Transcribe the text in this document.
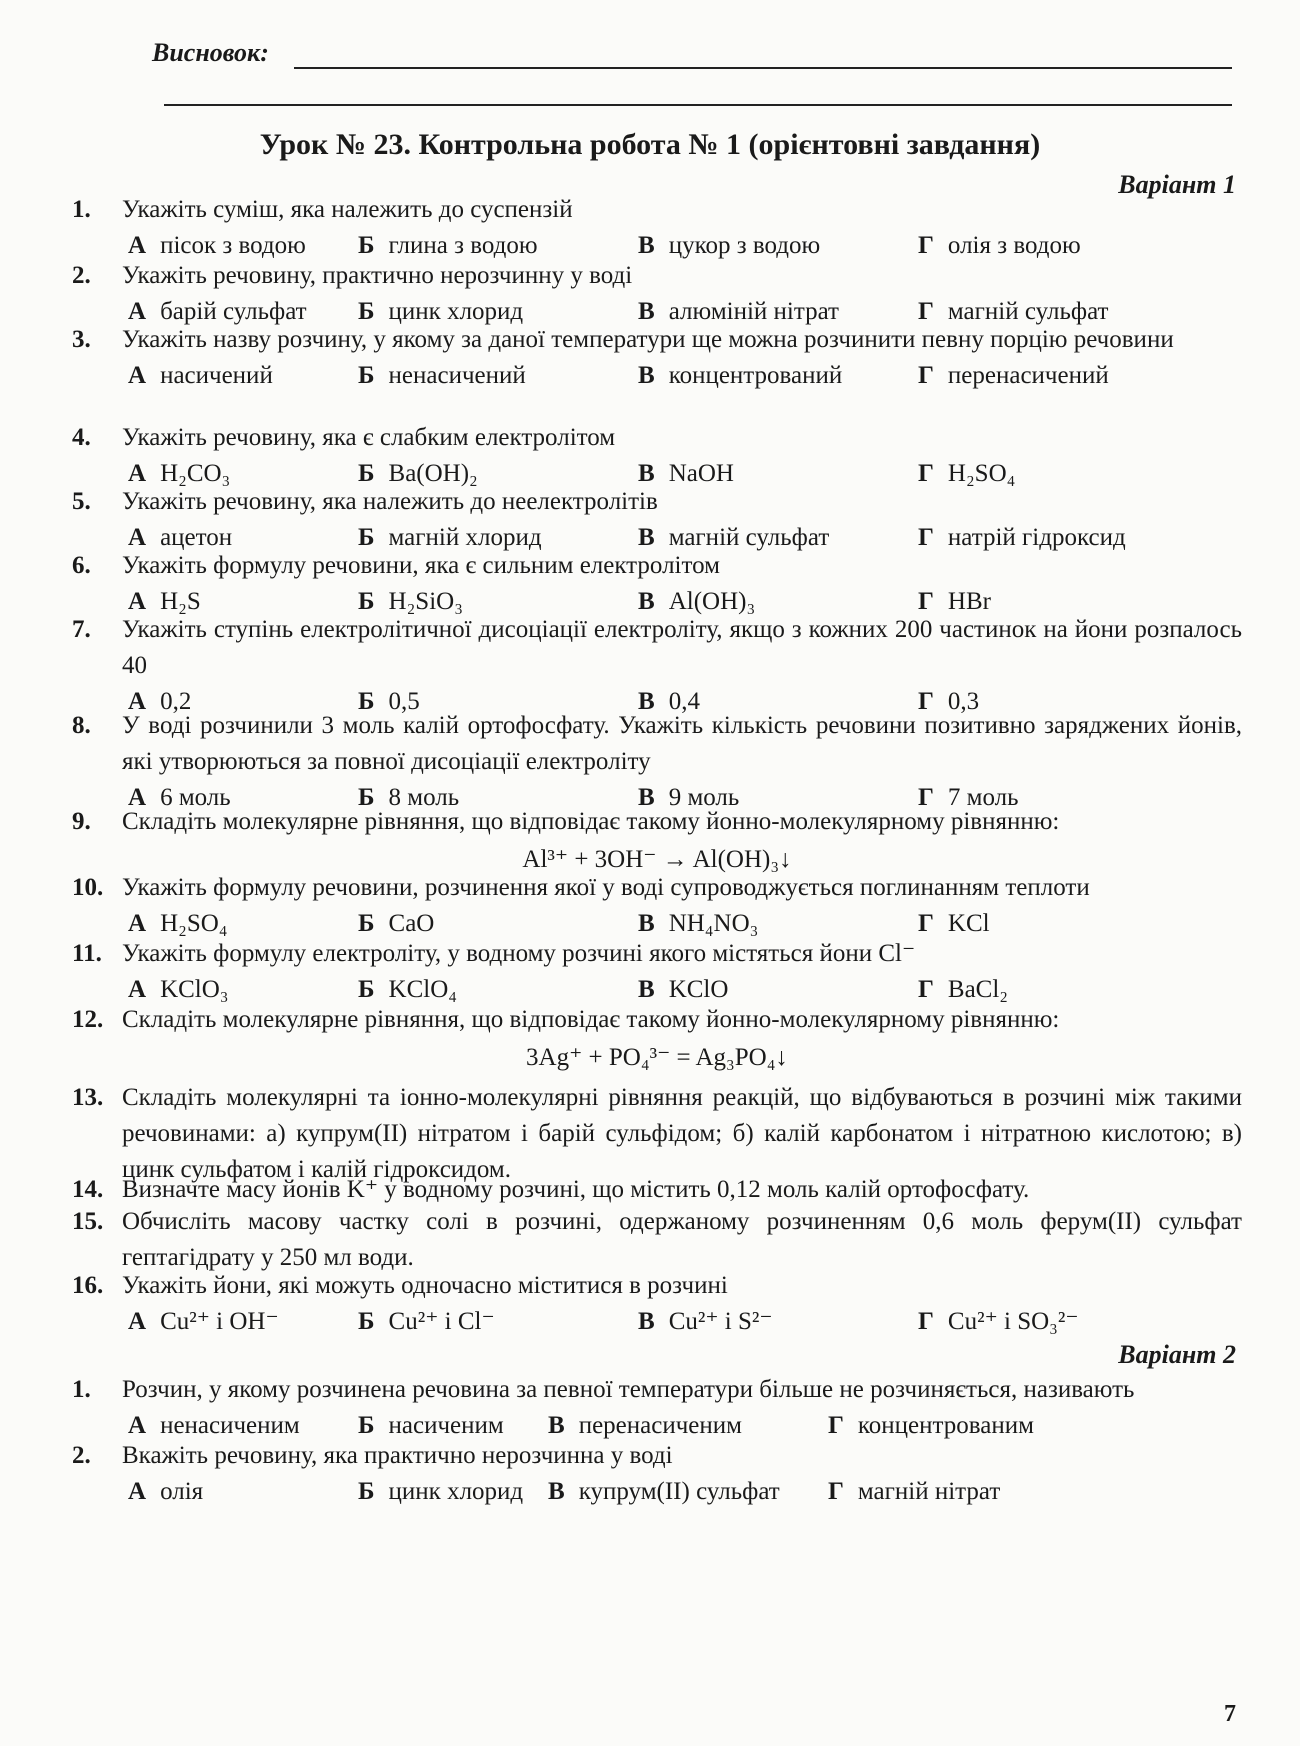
Висновок:
Урок № 23. Контрольна робота № 1 (орієнтовні завдання)
Варіант 1
1. Укажіть суміш, яка належить до суспензій
А пісок з водою Б глина з водою	В цукор з водою	Г олія з водою
2. Укажіть речовину, практично нерозчинну у воді
А барій сульфат Б цинк хлорид	В алюміній нітрат	Г магній сульфат
3. Укажіть назву розчину, у якому за даної температури ще можна розчинити певну порцію речовини
А насичений	Б ненасичений	В концентрований	Г перенасичений
4. Укажіть речовину, яка є слабким електролітом
А H₂CO₃	Б Ba(OH)₂	В NaOH	Г H₂SO₄
5. Укажіть речовину, яка належить до неелектролітів
А ацетон	Б магній хлорид	В магній сульфат	Г натрій гідроксид
6. Укажіть формулу речовини, яка є сильним електролітом
А H₂S	Б H₂SiO₃	В Al(OH)₃	Г HBr
7. Укажіть ступінь електролітичної дисоціації електроліту, якщо з кожних 200 частинок на йони розпалось 40
А 0,2	Б 0,5	В 0,4	Г 0,3
8. У воді розчинили 3 моль калій ортофосфату. Укажіть кількість речовини позитивно заряджених йонів, які утворюються за повної дисоціації електроліту
А 6 моль	Б 8 моль	В 9 моль	Г 7 моль
9. Складіть молекулярне рівняння, що відповідає такому йонно-молекулярному рівнянню:
Al³⁺ + 3OH⁻ → Al(OH)₃↓
10. Укажіть формулу речовини, розчинення якої у воді супроводжується поглинанням теплоти
А H₂SO₄	Б CaO	В NH₄NO₃	Г KCl
11. Укажіть формулу електроліту, у водному розчині якого містяться йони Cl⁻
А KClO₃	Б KClO₄	В KClO	Г BaCl₂
12. Складіть молекулярне рівняння, що відповідає такому йонно-молекулярному рівнянню:
3Ag⁺ + PO₄³⁻ = Ag₃PO₄↓
13. Складіть молекулярні та іонно-молекулярні рівняння реакцій, що відбуваються в розчині між такими речовинами: а) купрум(ІІ) нітратом і барій сульфідом; б) калій карбонатом і нітратною кислотою; в) цинк сульфатом і калій гідроксидом.
14. Визначте масу йонів K⁺ у водному розчині, що містить 0,12 моль калій ортофосфату.
15. Обчисліть масову частку солі в розчині, одержаному розчиненням 0,6 моль ферум(ІІ) сульфат гептагідрату у 250 мл води.
16. Укажіть йони, які можуть одночасно міститися в розчині
А Cu²⁺ і OH⁻	Б Cu²⁺ і Cl⁻	В Cu²⁺ і S²⁻	Г Cu²⁺ і SO₃²⁻
Варіант 2
1. Розчин, у якому розчинена речовина за певної температури більше не розчиняється, називають
А ненасиченим Б насиченим В перенасиченим	Г концентрованим
2. Вкажіть речовину, яка практично нерозчинна у воді
А олія	Б цинк хлорид В купрум(ІІ) сульфат Г магній нітрат
7
